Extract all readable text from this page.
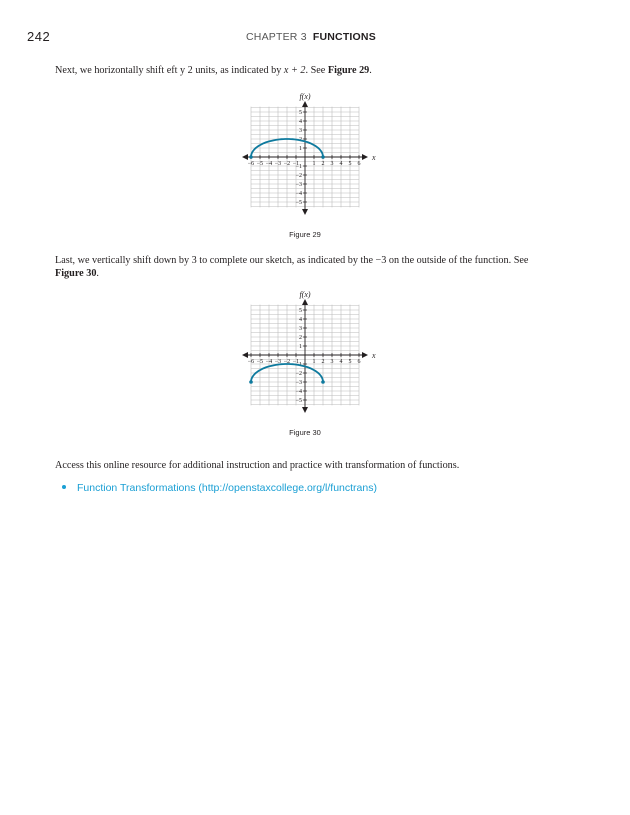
242	CHAPTER 3 FUNCTIONS
Next, we horizontally shift eft y 2 units, as indicated by x + 2. See Figure 29.
−6 −5 −4 −3 −2 −1 1 2 3 4 5 6
1
2
3
4
5
−1
−2
−3
−4
−5
f(x)
x
Figure 29
Last, we vertically shift down by 3 to complete our sketch, as indicated by the −3 on the outside of the function. See
Figure 30.
−6 −5 −4 −3 −2 −1 1 2 3 4 5 6
1
2
3
4
5
−1
−2
−3
−4
−5
f(x)
x
Figure 30
Access this online resource for additional instruction and practice with transformation of functions.
Function Transformations (http://openstaxcollege.org/l/functrans)
